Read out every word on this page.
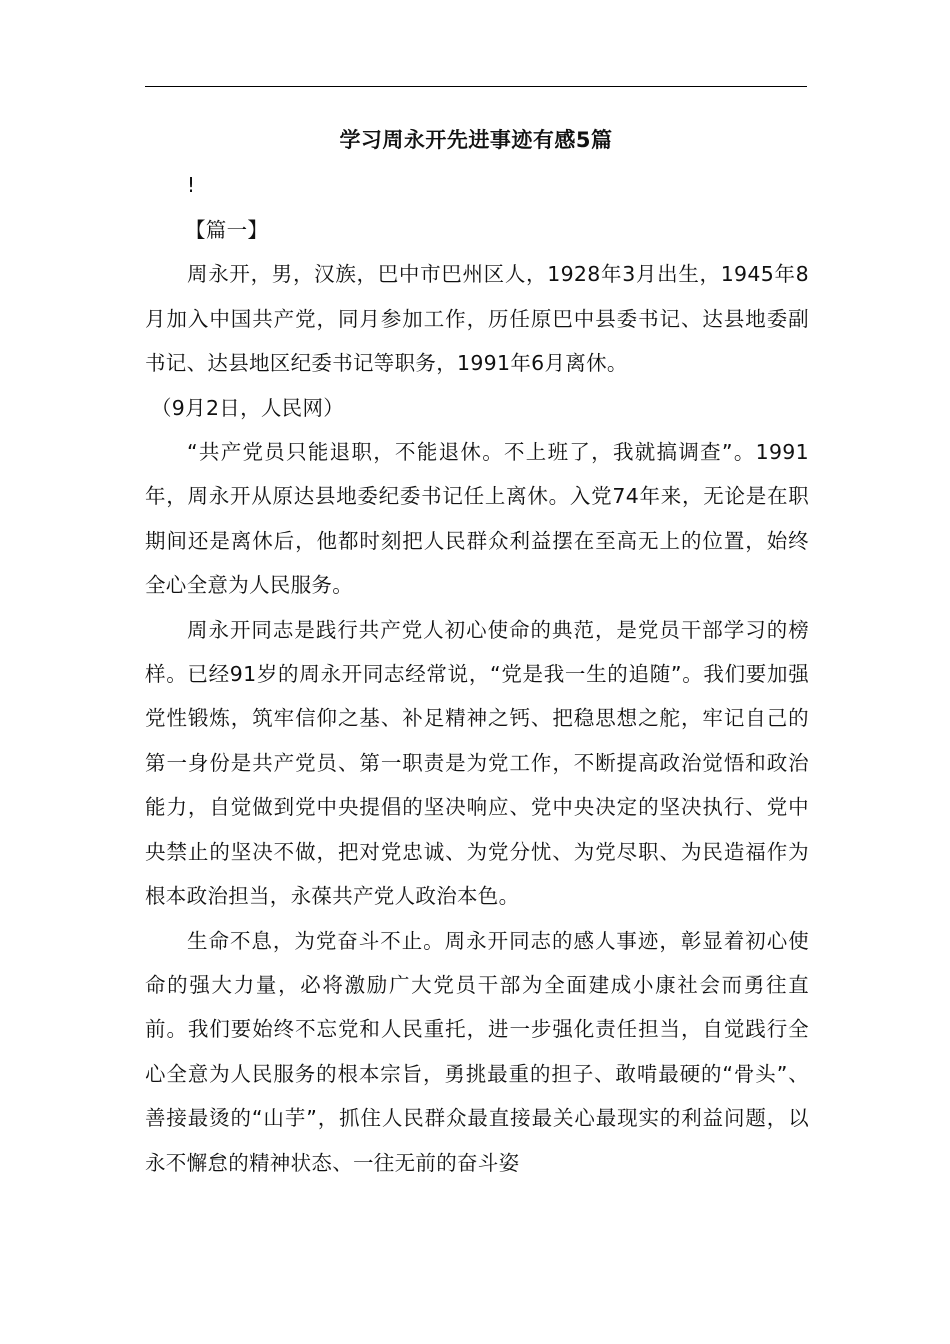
学习周永开先进事迹有感5篇
!

【篇一】

周永开，男，汉族，巴中市巴州区人，1928年3月出生，1945年8月加入中国共产党，同月参加工作，历任原巴中县委书记、达县地委副书记、达县地区纪委书记等职务，1991年6月离休。

（9月2日，人民网）

“共产党员只能退职，不能退休。不上班了，我就搞调查”。1991年，周永开从原达县地委纪委书记任上离休。入党74年来，无论是在职期间还是离休后，他都时刻把人民群众利益摆在至高无上的位置，始终全心全意为人民服务。

周永开同志是践行共产党人初心使命的典范，是党员干部学习的榜样。已经91岁的周永开同志经常说，“党是我一生的追随”。我们要加强党性锻炼，筑牢信仰之基、补足精神之钙、把稳思想之舵，牢记自己的第一身份是共产党员、第一职责是为党工作，不断提高政治觉悟和政治能力，自觉做到党中央提倡的坚决响应、党中央决定的坚决执行、党中央禁止的坚决不做，把对党忠诚、为党分忧、为党尽职、为民造福作为根本政治担当，永葆共产党人政治本色。

生命不息，为党奋斗不止。周永开同志的感人事迹，彰显着初心使命的强大力量，必将激励广大党员干部为全面建成小康社会而勇往直前。我们要始终不忘党和人民重托，进一步强化责任担当，自觉践行全心全意为人民服务的根本宗旨，勇挑最重的担子、敢啃最硬的“骨头”、善接最烫的“山芋”，抓住人民群众最直接最关心最现实的利益问题，以永不懈怠的精神状态、一往无前的奋斗姿
